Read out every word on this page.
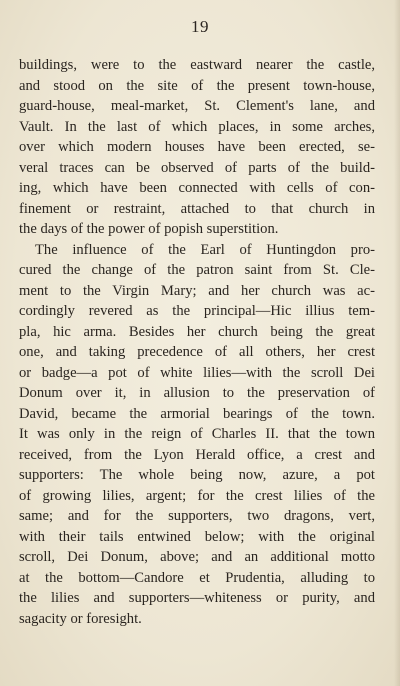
19
buildings, were to the eastward nearer the castle,
and stood on the site of the present town-house,
guard-house, meal-market, St. Clement's lane, and
Vault. In the last of which places, in some arches,
over which modern houses have been erected, se-
veral traces can be observed of parts of the build-
ing, which have been connected with cells of con-
finement or restraint, attached to that church in
the days of the power of popish superstition.
The influence of the Earl of Huntingdon pro-
cured the change of the patron saint from St. Cle-
ment to the Virgin Mary; and her church was ac-
cordingly revered as the principal—Hic illius tem-
pla, hic arma. Besides her church being the great
one, and taking precedence of all others, her crest
or badge—a pot of white lilies—with the scroll Dei
Donum over it, in allusion to the preservation of
David, became the armorial bearings of the town.
It was only in the reign of Charles II. that the town
received, from the Lyon Herald office, a crest and
supporters: The whole being now, azure, a pot
of growing lilies, argent; for the crest lilies of the
same; and for the supporters, two dragons, vert,
with their tails entwined below; with the original
scroll, Dei Donum, above; and an additional motto
at the bottom—Candore et Prudentia, alluding to
the lilies and supporters—whiteness or purity, and
sagacity or foresight.
